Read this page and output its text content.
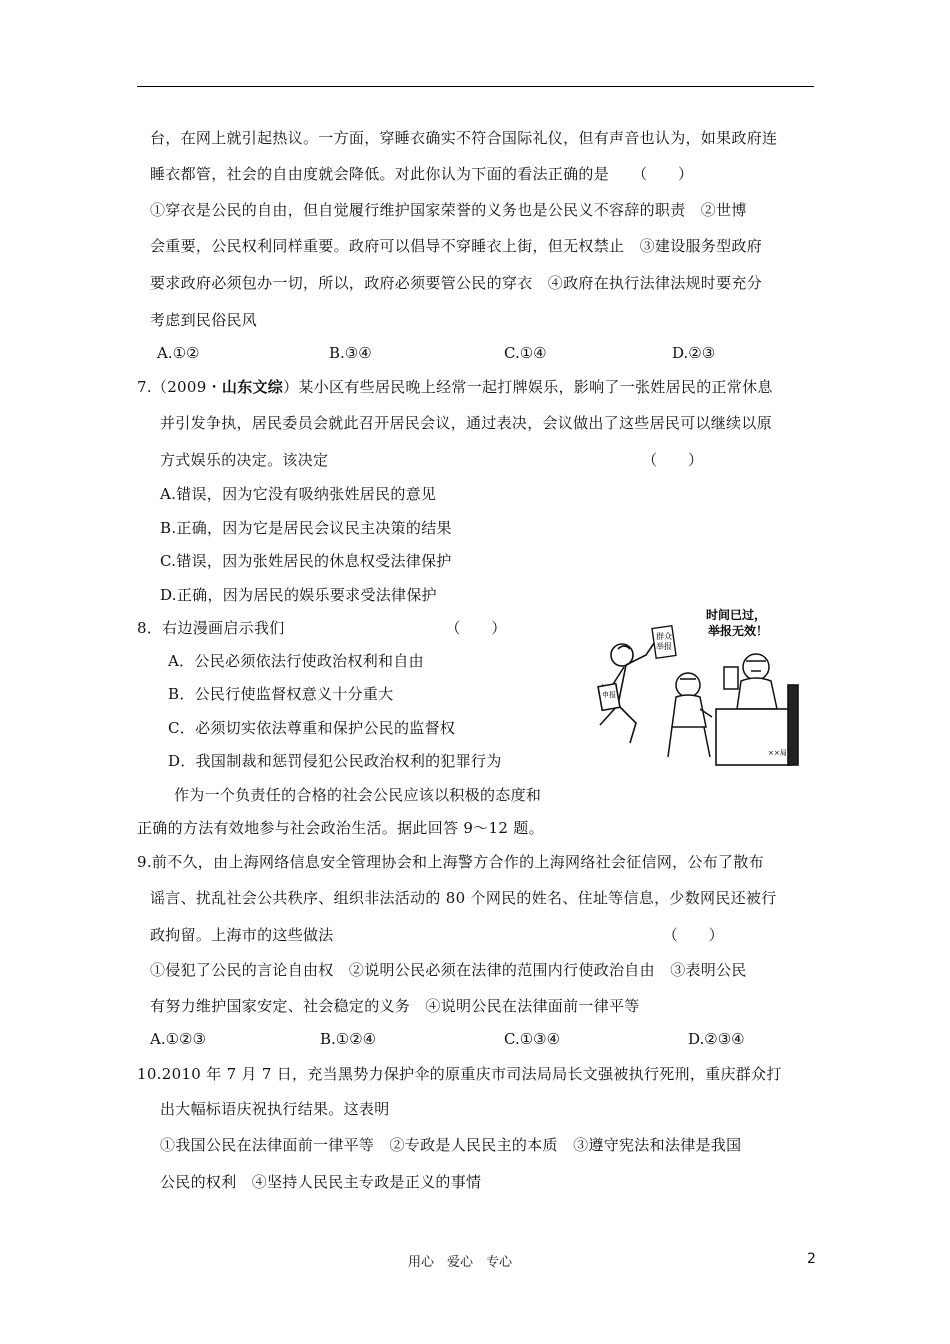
台，在网上就引起热议。一方面，穿睡衣确实不符合国际礼仪，但有声音也认为，如果政府连
睡衣都管，社会的自由度就会降低。对此你认为下面的看法正确的是　　（　　）
①穿衣是公民的自由，但自觉履行维护国家荣誉的义务也是公民义不容辞的职责　②世博
会重要，公民权利同样重要。政府可以倡导不穿睡衣上街，但无权禁止　③建设服务型政府
要求政府必须包办一切，所以，政府必须要管公民的穿衣　④政府在执行法律法规时要充分
考虑到民俗民风
A.①②	B.③④	C.①④	D.②③
7.（2009・山东文综）某小区有些居民晚上经常一起打牌娱乐，影响了一张姓居民的正常休息
并引发争执，居民委员会就此召开居民会议，通过表决，会议做出了这些居民可以继续以原
方式娱乐的决定。该决定　　　　　　　　　　　　　　　　　　　　　（　　）
A.错误，因为它没有吸纳张姓居民的意见
B.正确，因为它是居民会议民主决策的结果
C.错误，因为张姓居民的休息权受法律保护
D.正确，因为居民的娱乐要求受法律保护
8．右边漫画启示我们　　　　　　　　　　　（　　）
A．公民必须依法行使政治权利和自由
B．公民行使监督权意义十分重大
C．必须切实依法尊重和保护公民的监督权
D．我国制裁和惩罚侵犯公民政治权利的犯罪行为
时间已过，
举报无效！
群众
举报
申报
××局
作为一个负责任的合格的社会公民应该以积极的态度和
正确的方法有效地参与社会政治生活。据此回答 9～12 题。
9.前不久，由上海网络信息安全管理协会和上海警方合作的上海网络社会征信网，公布了散布
谣言、扰乱社会公共秩序、组织非法活动的 80 个网民的姓名、住址等信息，少数网民还被行
政拘留。上海市的这些做法　　　　　　　　　　　　　　　　　　　　　　（　　）
①侵犯了公民的言论自由权　②说明公民必须在法律的范围内行使政治自由　③表明公民
有努力维护国家安定、社会稳定的义务　④说明公民在法律面前一律平等
A.①②③	B.①②④	C.①③④	D.②③④
10.2010 年 7 月 7 日，充当黑势力保护伞的原重庆市司法局局长文强被执行死刑，重庆群众打
出大幅标语庆祝执行结果。这表明
①我国公民在法律面前一律平等　②专政是人民民主的本质　③遵守宪法和法律是我国
公民的权利　④坚持人民民主专政是正义的事情
用心　爱心　专心	2
